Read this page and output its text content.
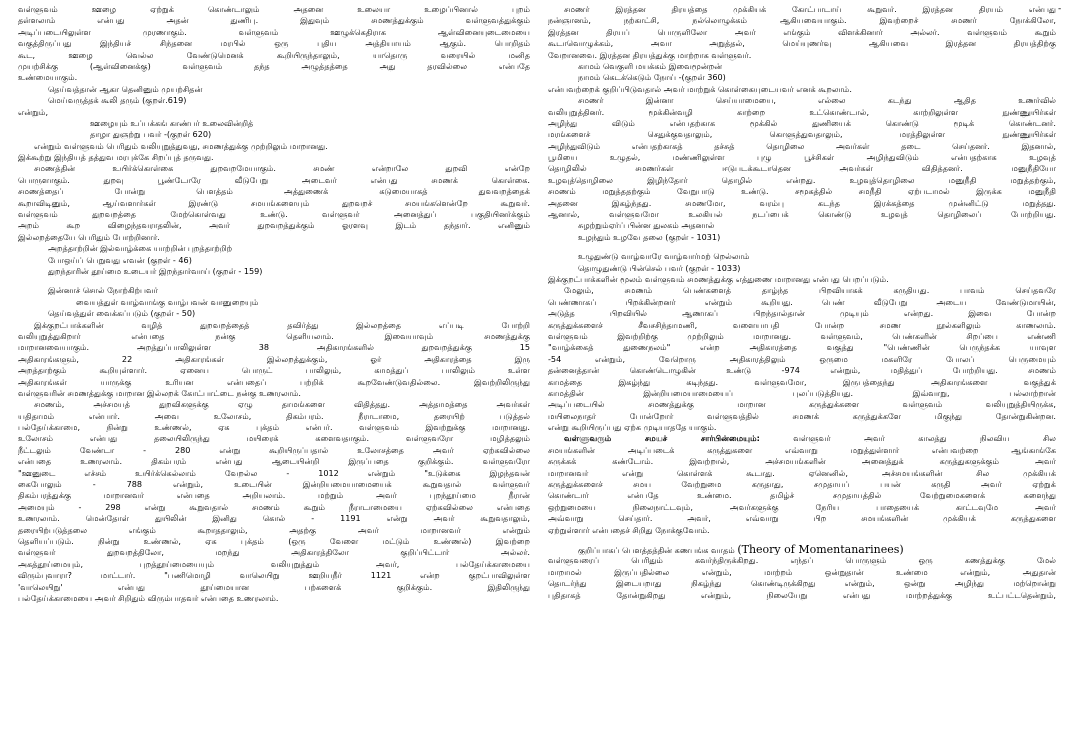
வள்ளுவம் ஊழை ஏற்றுக் கொண்டாலும் அதனை உலையா உழைப்பினால் புறம்

தள்ளலாம் என்பது அதன் துணிபு. இதுவும் சமணத்துக்கும் வள்ளுவத்துக்கும்

அடிப்படையிலுள்ள முரணாகும். வள்ளுவம் ஊழுக்கெதிராக ஆள்வினையுடைமையை

வகுத்திருப்பது இந்தியச் சிந்தனை மரபில் ஒரு புதிய அத்தியாயம் ஆகும். பொறிதம்

கூட, ஊழை வெல்ல வேண்டுமெனக் கூறியிருந்தாலும், யாதொரு வரையில் மனித

முயற்சிக்கு (ஆள்வினைக்கு) வள்ளுவம் தந்த அழுத்தத்தை அது தரவில்லை என்பதே

உண்மையாகும்.

தெய்வத்தான் ஆகா தெனினும் முயற்சிதன்

மெய்வருத்தக் கூலி தரும் (குறள்.619)

என்றும்,

ஊழையும் உப்பக்கங் காண்பர் உலைவின்றித்

தாழா துஞற்று பவர் -(குறள் 620)

என்றும் வள்ளுவம் பெரிதும் வலியுறுத்துவது, சமணத்துக்கு முற்றிலும் மாறானது.

இக்கூற்று இந்தியத் தத்துவ மரபுக்கே சிறப்புத் தருவது.

சமணத்தின் உயிர்க்கொள்கை துறவறமேயாகும். சமண் என்றாலே துறவி என்றே

பொருளாகும். துறவு பூண்டோரே வீடுபேறு அடைவர் என்பது சமணக் கொள்கை.

சமணத்தைப் போன்று பௌத்தம் அத்துணைக் கடுமையாகத் துவவறத்தைக்

கூறாவிடினும், ஆய்வளார்கள் இரண்டு சமயங்களையும் துறவறச் சமயங்களென்றே கூறுவர்.

வள்ளுவம் துறவறத்தை மேற்கொள்வது உண்டு. வள்ளுவர் அனைத்துப் பகுதியினர்க்கும்

அறம் கூற விழைந்தவராதலின், அவர் துறவறத்துக்கும் ஓரளவு இடம் தந்தார். எனினும்

இல்லறத்தையே பெரிதும் போற்றினார்.

அறத்தாற்றின் இல்வாழ்க்கை யாற்றின் புறத்தாற்றிற்

போஒய்ப் பெறுவது எவன் (குறள் - 46)

துறந்தாரின் தூய்மை உடையர் இறந்தார்வாய் (குறள் - 159)

இன்னாச் சொல் நோற்கிற்பவர்

வையத்துள் வாழ்வாங்கு வாழ்பவன் வானுறையும்

தெய்வத்துள் வைக்கப்படும் (குறள் - 50)

இக்குறட்பாக்களின் வழித் துறவறத்தைத் தவிர்த்து இல்லறத்தை எப்படி போற்றி

வலியுறுத்துகிறார் என்பதை நன்கு தெளியலாம். இவையாவும் சமணத்துக்கு

மாறானவையாகும். அறத்துப்பாலிலுள்ள 38 அதிகாரங்களில் துறவறத்துக்கு 15

அதிகாரங்களும், 22 அதிகாரங்கள் இல்லறத்துக்கும், ஓர் அதிகாரத்தை இரு

அறத்தாற்கும் கூறியுள்ளார். ஏனைய பொருட் பாலிலும், காமத்துப் பாலிலும் உள்ள

அதிகாரங்கள் யாருக்கு உரியன என்பதைப் பற்றிக் கூறவேண்டுவதில்லை. இவற்றிலிருந்து

வள்ளுவரின் சமணத்துக்கு மாறான இல்லறக் கோட்பாட்டை நன்கு உணரலாம்.

சமணம், அச்சமயத் துறவிகளுக்கு ஏழு தாமங்களை விதித்தது. அத்தாமத்தை அவர்கள்

யதிதாமம் என்பார். அவை உலோசம், திகம்பரம். நீராடாமை, தரையிற் படுத்தல்

பல்தேய்க்காமை, நின்று உண்ணல், ஏக புக்தம் என்பர். வள்ளுவம் இவற்றுக்கு மாறானது.

உலோசம் என்பது தலையிலிருந்து மயிரைக் களைவதாகும். வள்ளுவரோ மழித்தலும்

நீட்டலும் வேண்டா - 280 என்று கூறியிருப்பதால் உலோசத்தை அவர் ஏற்கவில்லை

என்பதை உணரலாம். திகம்பரம் என்பது ஆடையின்றி இருப்பதை குறிக்கும். வள்ளுவரோ

"ஊனுடை எச்சம் உயிர்க்கெல்லாம் வேறல்ல - 1012 என்றும் "உடுக்கை இழந்தவன்

கைபோலும் - 788 என்றும், உடையின் இன்றியமையாமையைக் கூறுவதால் வள்ளுவர்

திகம்பரத்துக்கு மாறானவர் என்பதை அறியலாம். மற்றும் அவர் புறந்தூய்மை நீரான்

அமையும் - 298 என்று கூறுவதால் சமணம் கூறும் நீராடாமையை ஏற்கவில்லை என்பதை

உணரலாம். மென்தோள் துயிலின் இனிது கொல் - 1191 என்று அவர் கூறுவதாலும்,

தரையிற்படுத்தலை எங்கும் கூறாததாலும், அதற்கு அவர் மாறானவர் என்றும்

தெளியப்படும். நின்று உண்ணல், ஏக புக்தம் (ஒரு வேளை மட்டும் உண்ணல்) இவற்றை

வள்ளுவர் துறவறத்திலோ, மறந்து அதிகாரத்திலோ குறிப்பிட்டார் அல்லர்.

அகத்தூய்மையும், புறத்தூய்மையையும் வலியுறுத்தும் அவர், பல்தேய்க்காமையை

விரும்புவாரா? மாட்டார். "பணிமொழி வாலெயிறு ஊறியநீர் 1121 என்ற குறட்பாவிலுள்ள

'வாலெயிறு' என்பது தூய்மையான பற்களைக் குறிக்கும். இதிலிருந்து

பல்தேய்க்காமையை அவர் சிறிதும் விரும்பாதவர் என்பதை உணரலாம்.

சமணர் இரத்தன திரயத்தை முக்கியக் கோட்பாடாய் கூறுவர். இரத்தன திரயம் என்பது

நன்ஞானம், நற்காட்சி, நல்லொழுக்கம் ஆகியவையாகும். இவற்றைச் சமணர் நோக்கிலோ,

இரத்தன திரயப் பொருளிலோ அவர் எங்கும் விளக்கினார் அல்லர். வள்ளுவம் கூறும்

கூடாவொழுக்கம், அவா அறுத்தல், மெய்யுணர்வு ஆகியவை இரத்தன திரயத்திற்கு

வேறானவை. இரத்தன திரயத்துக்கு மாற்றாக வள்ளுவர்.

காமம் வெகுளி மயக்கம் இவைமூன்றன்

நாமம் கெடக்கெடும் நோய் -(குறள் 360)

என்பவற்றைக் குறிப்பிடுவதால் அவர் மாற்றுக் கொள்கையுடையவர் எனக் கூறலாம்.

சமணர் இன்னா செய்யாமையை, எல்லை கடந்து ஆதித உணர்வில்

வலியுறுத்தினர். மூக்கின்வழி காற்றை உட்கொண்டால், காற்றிலுள்ள நுண்ணுயிர்கள்

அழிந்து விடும் என்பதற்காக மூக்கில் துணியைக் கொண்டு மூடிக் கொண்டனர்.

மரங்களைச் செதுக்குவதாலும், கொளுத்துவதாலும், மரத்திலுள்ள நுண்ணுயிர்கள்

அழிந்துவிடும் என்பதற்காகத் தச்சுத் தொழிலை அவர்கள் தடை செய்தனர். இதனால்,

பூமியை உழுதல், மண்ணிலுள்ள புழு பூச்சிகள் அழிந்துவிடும் என்பதற்காக உழவுத்

தொழிலில் சமணர்கள் ஈடுபடக்கூடாதென அவர்கள் விதித்தனர். மனுநீதியோ

உழவுத்தொழிலை இழிந்தோர் தொழில் என்றது. உழவுத்தொழிலை மனுநீதி மறுத்தற்கும்,

சமணம் மறுத்ததற்கும் வேறுபாடு உண்டு. சமூகத்தில் சமநீதி ஏற்படாமல் இருக்க மனுநீதி

அதனை இகழ்ந்தது. சமணமோ, வரம்பு கடந்த இரக்கத்தை முன்னிட்டு மறுத்தது.

ஆனால், வள்ளுவமோ உலகியல் நடப்பைக் கொண்டு உழவுத் தொழிலைப் போற்றியது.

சுழற்றும்ஏர்ப் பின்ன துலகம் அதனால்

உழந்தும் உழவே தலை (குறள் - 1031)

உழுதுண்டு வாழ்வாரே வாழ்வார்மற் றெல்லாம்

தொழுதுண்டு பின்செல் பவர் (குறள் - 1033)

இக்குறட்பாக்களின் மூலம் வள்ளுவம் சமணத்துக்கு எத்துணை மாறானது என்பது பெறப்படும்.

மேலும், சமணம் பெண்களைத் தாழ்ந்த பிறவியாகக் கருதியது. பாவம் செய்தவரே

பெண்ணாகப் பிறக்கின்றனர் என்றும் கூறியது. பெண் வீடுபேறு அடைய வேண்டுமாயின்,

அடுத்த பிறவியில் ஆணாகப் பிறந்தால்தான் முடியும் என்றது. இவை போன்ற

கருத்துக்களைச் சீவசசிந்தாமணி, வளையாபதி போன்ற சமண நூல்களிலும் காணலாம்.

வள்ளுவம் இவற்றிற்கு முற்றிலும் மாறானது. வள்ளுவம், பெண்களின் சிறப்பை எண்ணி

"வாழ்க்கைத் துணைநலம்" என்ற அதிகாரத்தை வகுத்து "பெண்ணின் பெருந்தக்க யாவுள

-54 என்றும், வேறொரு அதிகாரத்திலும் ஒருமை மகளிரே போலப் பெருமையும்

தன்னைத்தான் கொண்டொழுகின் உண்டு -974 என்றும், மதித்துப் போற்றியது. சமணம்

காமத்தை இகழ்ந்து கடிந்தது. வள்ளுவமோ, இருபத்தைந்து அதிகாரங்களை வகுத்துக்

காமத்தின் இன்றியமையாமையைப் புலப்படுத்தியது. இவ்வாறு, பல்லாற்றான்

அடிப்படையில் சமணத்துக்கு மாறான கருத்துக்களை வள்ளுவம் வலியுறுத்தியிருக்க,

மயிலைநாதர் போன்றோர் வள்ளுவத்தில் சமணக் கருத்துக்களே மிகுந்து தோன்றுகின்றன.

என்று கூறியிருப்பது ஏற்க முடியாததே யாகும்.

வள்ளுவரும் சமயச் சார்பின்மையும்: வள்ளுவர் அவர் காலத்து நிலவிய சில

சமயங்களின் அடிப்படைக் கருத்துகளை எவ்வாறு மறுத்துள்ளார் என்பவற்றை ஆங்காங்கே

சுருக்கக் கண்டோம். இவற்றால், அச்சமயங்களின் அனைத்துக் கருத்துகளுக்கும் அவர்

மாறானவர் என்று கொள்ளக் கூடாது. ஏனெனில், அச்சமயங்களின் சில முக்கியக்

கருத்துக்களைச் சமய வேற்றுமை கருதாது, சமுதாயப் பயன் கருதி அவர் ஏற்றுக்

கொண்டார் என்பதே உண்மை. தமிழ்ச் சமுதாயத்தில் வேற்றுமைகளைக் களைந்து

ஒற்றுமையை நிலைநாட்டவும், அவர்களுக்கு நேரிய பாதையைக் காட்டவுமே அவர்

அவ்வாறு செய்தார். அவர், எவ்வாறு பிற சமயங்களின் முக்கியக் கருத்துகளை

ஏற்றுள்ளார் என்பதைச் சிறிது நோக்குவோம்.

குறிப்பாகப் பௌத்தத்தின் கணபங்க வாதம் (Theory of Momentanarinees)

வள்ளுவரைப் பெரிதும் கவர்ந்திருக்கிறது. எந்தப் பொருளும் ஒரு கணத்துக்கு மேல்

மாறாமல் இருப்பதில்லை என்றும், மாற்றம் ஒன்றுதான் உண்மை என்றும், அதுதான்

தொடர்ந்து இடையறாது நிகழ்ந்து கொண்டிருக்கிறது என்றும், ஒன்று அழிந்து மற்றொன்று

புதிதாகத் தோன்றுகிறது என்றும், நிலையேறு என்பது மாற்றத்துக்கு உட்பட்டதென்றும்,

‑
